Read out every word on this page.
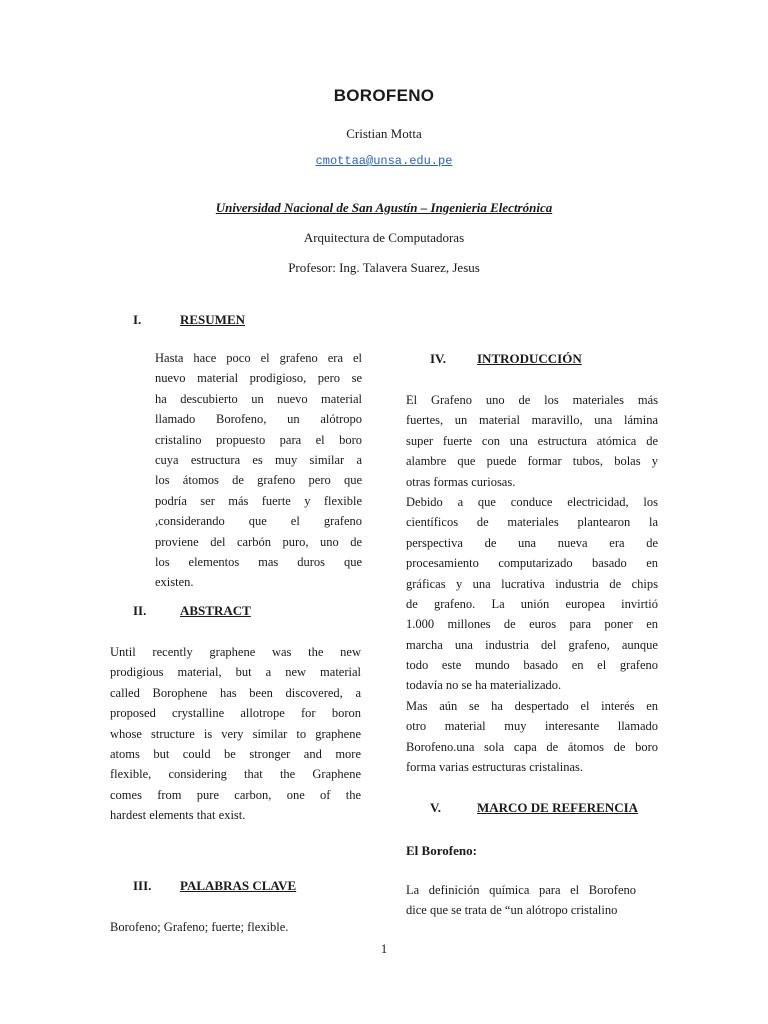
BOROFENO
Cristian Motta
cmottaa@unsa.edu.pe
Universidad Nacional de San Agustín – Ingenieria Electrónica
Arquitectura de Computadoras
Profesor: Ing. Talavera Suarez, Jesus
I.	RESUMEN
Hasta hace poco el grafeno era el
nuevo material prodigioso, pero se
ha descubierto un nuevo material
llamado Borofeno, un alótropo
cristalino propuesto para el boro
cuya estructura es muy similar a
los átomos de grafeno pero que
podría ser más fuerte y flexible
,considerando que el grafeno
proviene del carbón puro, uno de
los elementos mas duros que
existen.
II.	ABSTRACT
Until recently graphene was the new
prodigious material, but a new material
called Borophene has been discovered, a
proposed crystalline allotrope for boron
whose structure is very similar to graphene
atoms but could be stronger and more
flexible, considering that the Graphene
comes from pure carbon, one of the
hardest elements that exist.
III. PALABRAS CLAVE
Borofeno; Grafeno; fuerte; flexible.
IV. INTRODUCCIÓN
El Grafeno uno de los materiales más
fuertes, un material maravillo, una lámina
super fuerte con una estructura atómica de
alambre que puede formar tubos, bolas y
otras formas curiosas.
Debido a que conduce electricidad, los
científicos de materiales plantearon la
perspectiva de una nueva era de
procesamiento computarizado basado en
gráficas y una lucrativa industria de chips
de grafeno. La unión europea invirtió
1.000 millones de euros para poner en
marcha una industria del grafeno, aunque
todo este mundo basado en el grafeno
todavía no se ha materializado.
Mas aún se ha despertado el interés en
otro material muy interesante llamado
Borofeno.una sola capa de átomos de boro
forma varias estructuras cristalinas.
V.	MARCO DE REFERENCIA
El Borofeno:
La definición química para el Borofeno
dice que se trata de “un alótropo cristalino
1
